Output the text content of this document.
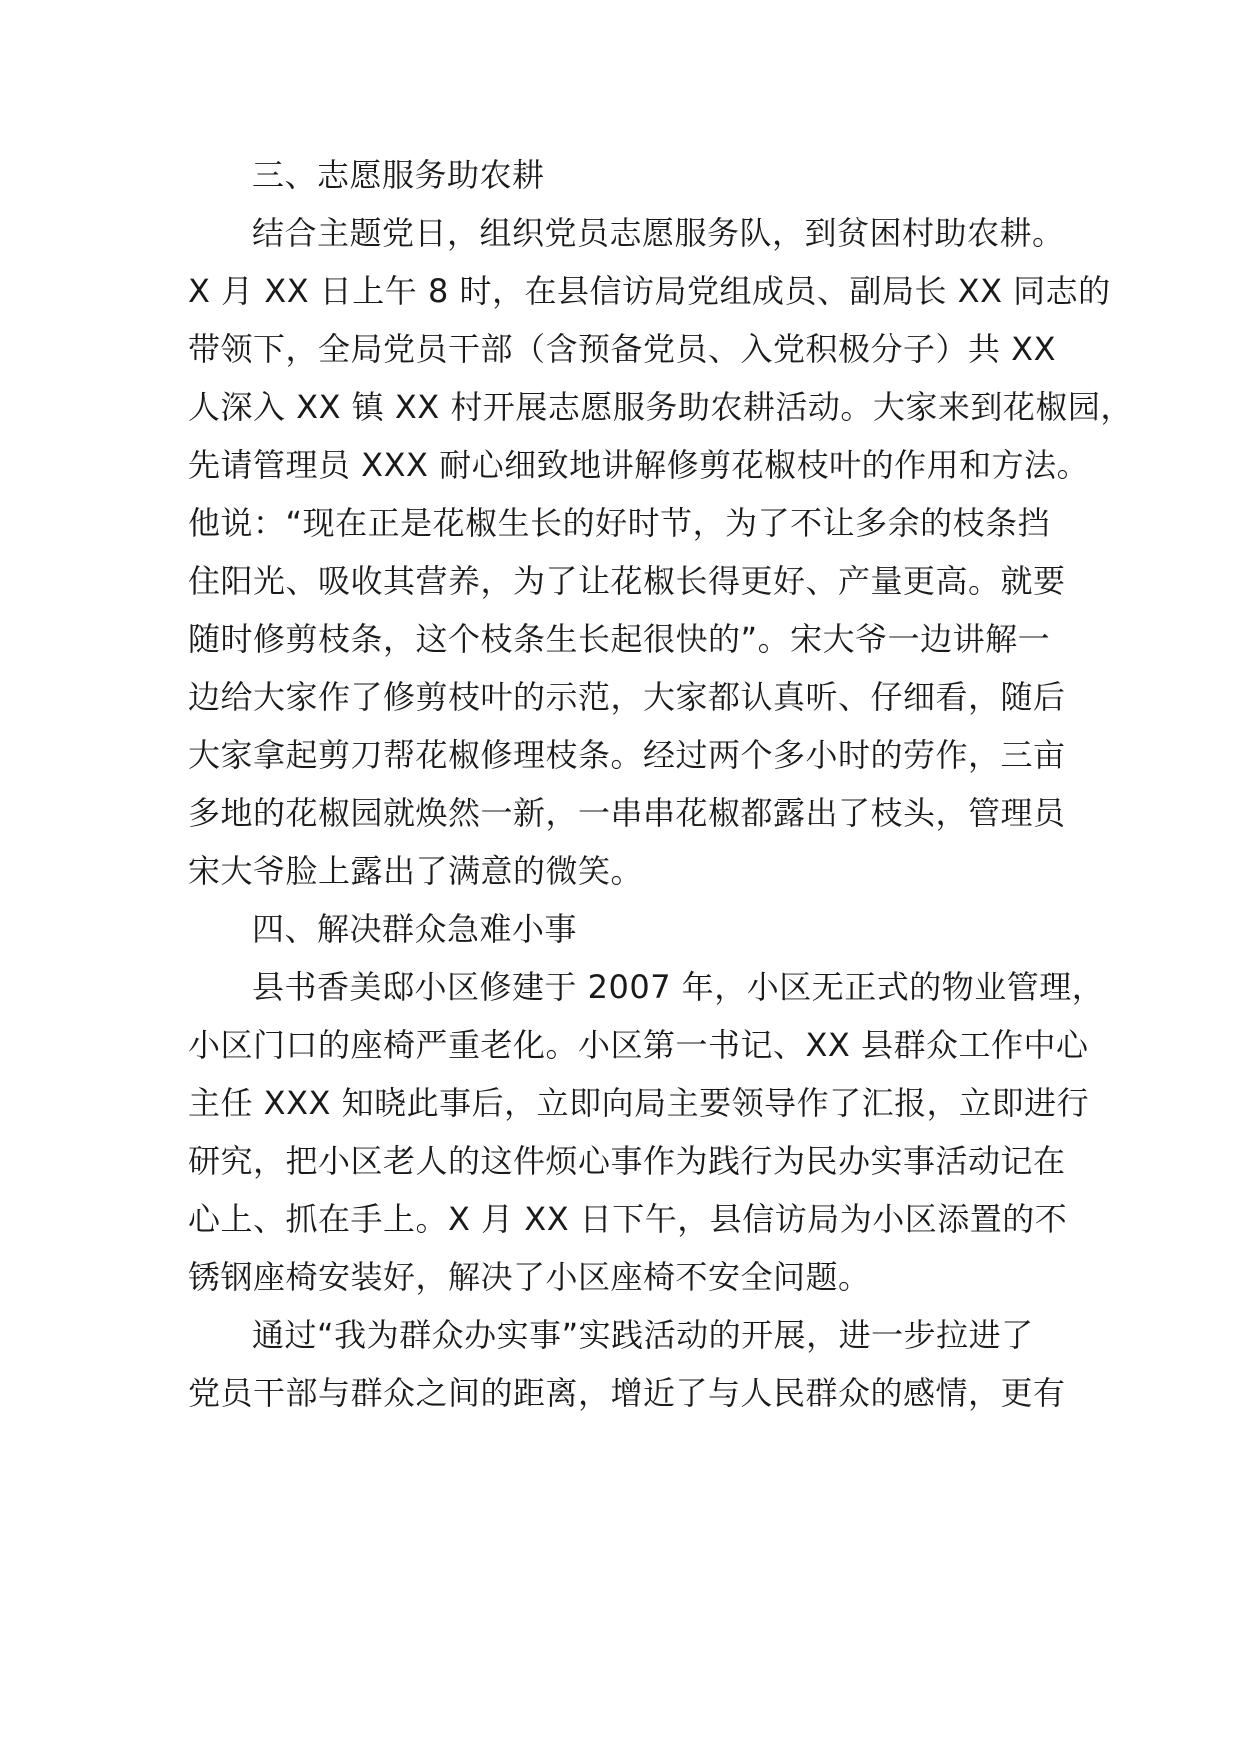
三、志愿服务助农耕
结合主题党日，组织党员志愿服务队，到贫困村助农耕。
X 月 XX 日上午 8 时，在县信访局党组成员、副局长 XX 同志的
带领下，全局党员干部（含预备党员、入党积极分子）共 XX
人深入 XX 镇 XX 村开展志愿服务助农耕活动。大家来到花椒园，
先请管理员 XXX 耐心细致地讲解修剪花椒枝叶的作用和方法。
他说：“现在正是花椒生长的好时节，为了不让多余的枝条挡
住阳光、吸收其营养，为了让花椒长得更好、产量更高。就要
随时修剪枝条，这个枝条生长起很快的”。宋大爷一边讲解一
边给大家作了修剪枝叶的示范，大家都认真听、仔细看，随后
大家拿起剪刀帮花椒修理枝条。经过两个多小时的劳作，三亩
多地的花椒园就焕然一新，一串串花椒都露出了枝头，管理员
宋大爷脸上露出了满意的微笑。
四、解决群众急难小事
县书香美邸小区修建于 2007 年，小区无正式的物业管理，
小区门口的座椅严重老化。小区第一书记、XX 县群众工作中心
主任 XXX 知晓此事后，立即向局主要领导作了汇报，立即进行
研究，把小区老人的这件烦心事作为践行为民办实事活动记在
心上、抓在手上。X 月 XX 日下午，县信访局为小区添置的不
锈钢座椅安装好，解决了小区座椅不安全问题。
通过“我为群众办实事”实践活动的开展，进一步拉进了
党员干部与群众之间的距离，增近了与人民群众的感情，更有
